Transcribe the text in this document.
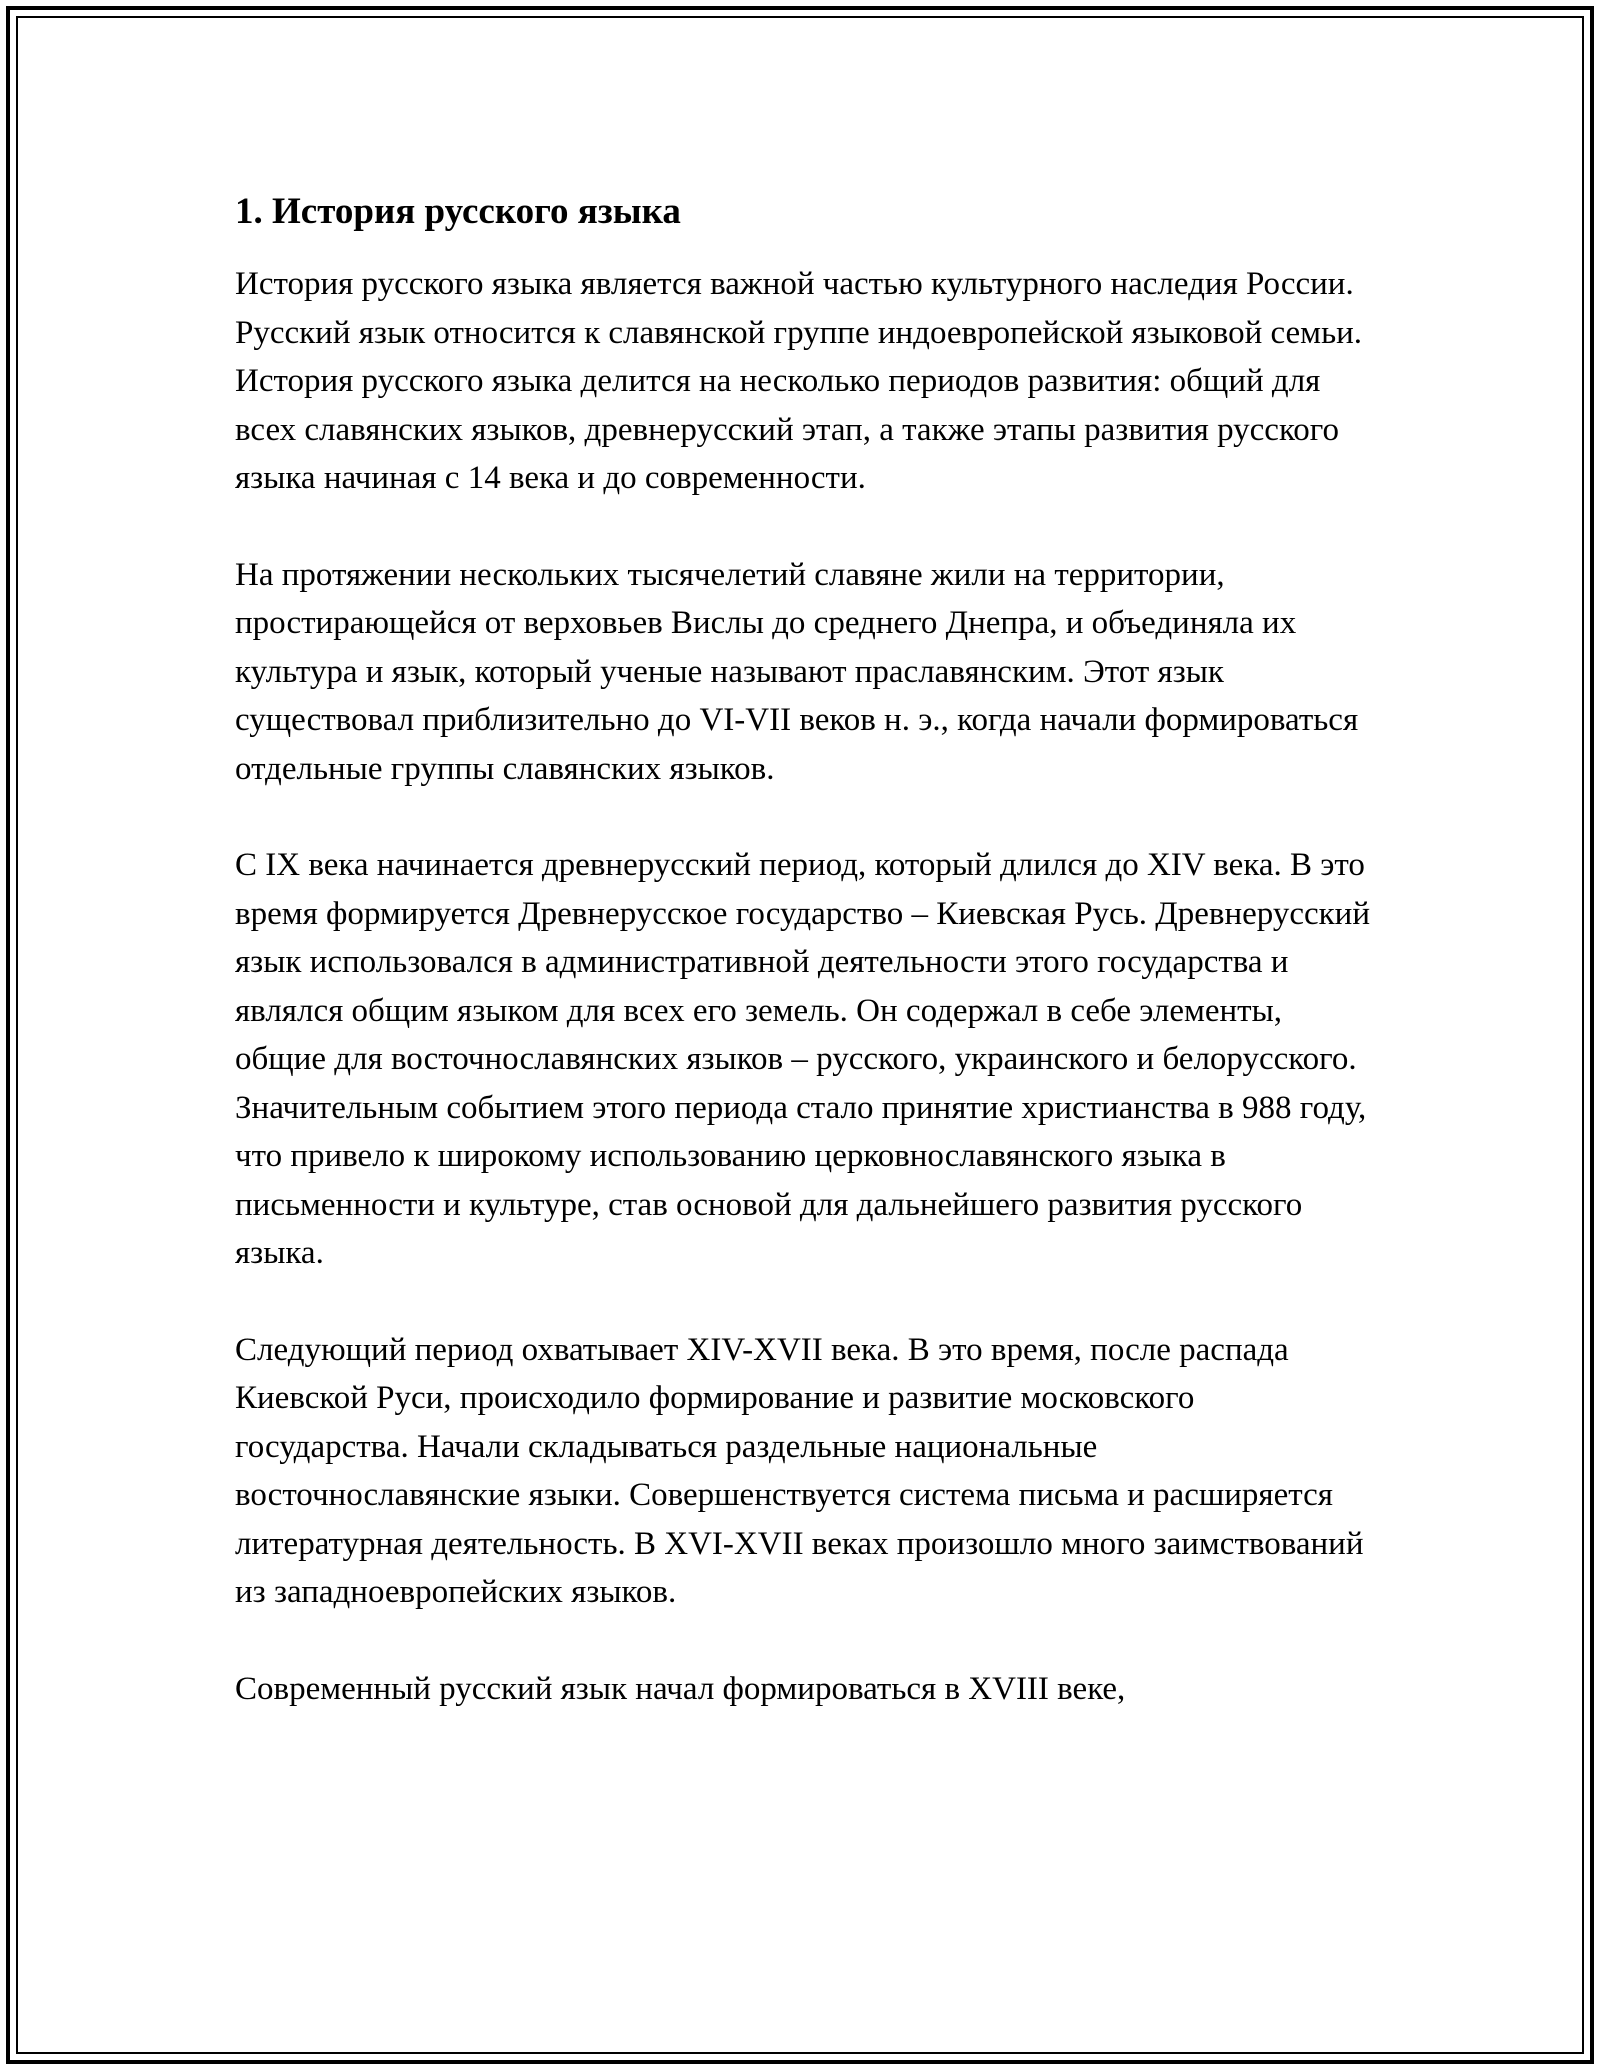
1. История русского языка

История русского языка является важной частью культурного наследия России. Русский язык относится к славянской группе индоевропейской языковой семьи. История русского языка делится на несколько периодов развития: общий для всех славянских языков, древнерусский этап, а также этапы развития русского языка начиная с 14 века и до современности.

На протяжении нескольких тысячелетий славяне жили на территории, простирающейся от верховьев Вислы до среднего Днепра, и объединяла их культура и язык, который ученые называют праславянским. Этот язык существовал приблизительно до VI-VII веков н. э., когда начали формироваться отдельные группы славянских языков.

С IX века начинается древнерусский период, который длился до XIV века. В это время формируется Древнерусское государство – Киевская Русь. Древнерусский язык использовался в административной деятельности этого государства и являлся общим языком для всех его земель. Он содержал в себе элементы, общие для восточнославянских языков – русского, украинского и белорусского. Значительным событием этого периода стало принятие христианства в 988 году, что привело к широкому использованию церковнославянского языка в письменности и культуре, став основой для дальнейшего развития русского языка.

Следующий период охватывает XIV-XVII века. В это время, после распада Киевской Руси, происходило формирование и развитие московского государства. Начали складываться раздельные национальные восточнославянские языки. Совершенствуется система письма и расширяется литературная деятельность. В XVI-XVII веках произошло много заимствований из западноевропейских языков.

Современный русский язык начал формироваться в XVIII веке,
